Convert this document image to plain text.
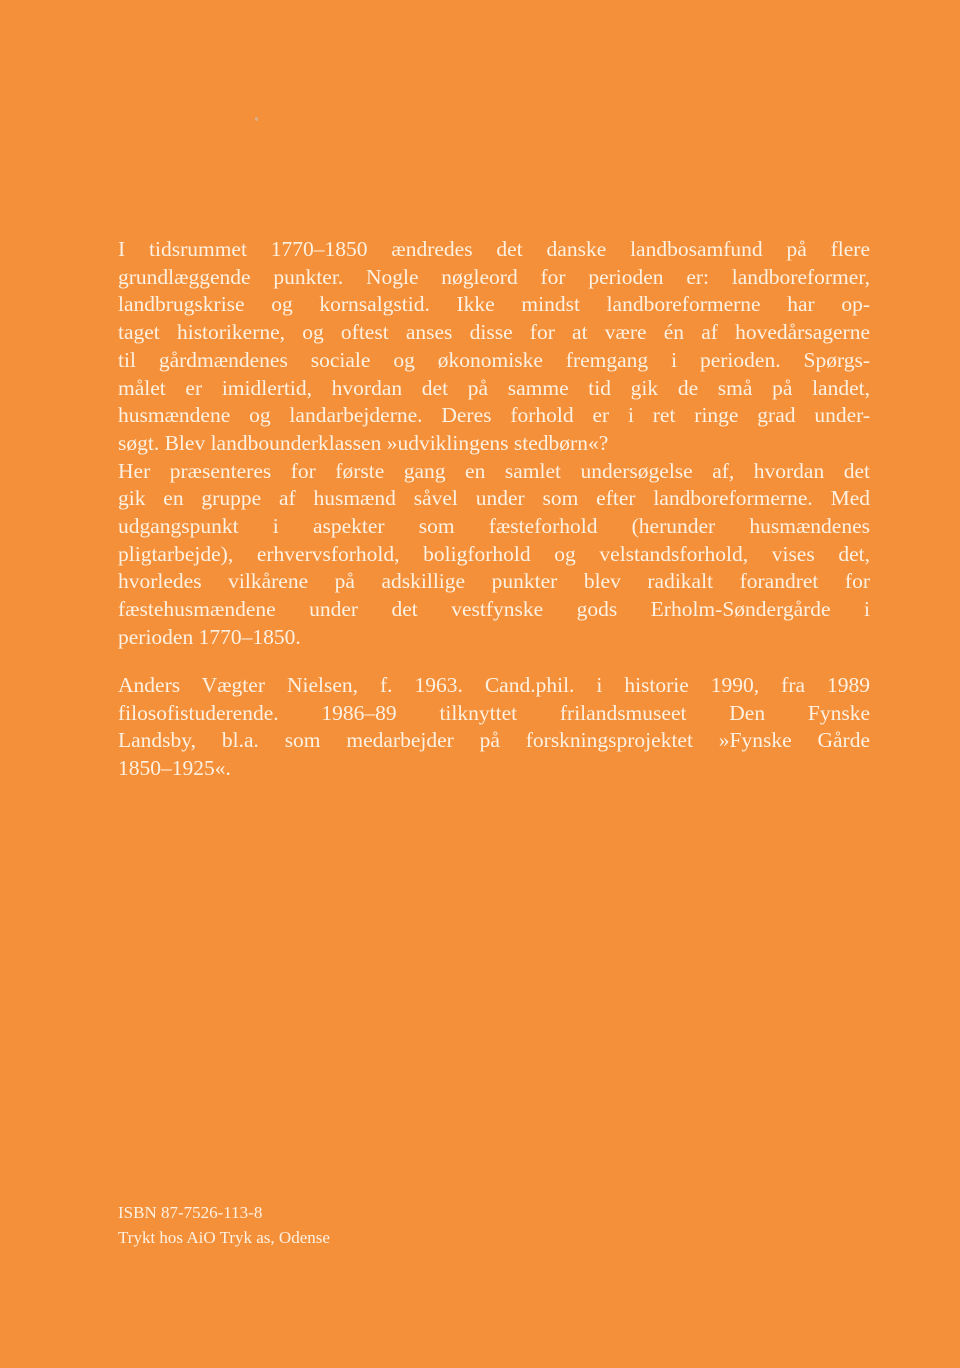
I tidsrummet 1770–1850 ændredes det danske landbosamfund på flere
grundlæggende punkter. Nogle nøgleord for perioden er: landboreformer,
landbrugskrise og kornsalgstid. Ikke mindst landboreformerne har op-
taget historikerne, og oftest anses disse for at være én af hovedårsagerne
til gårdmændenes sociale og økonomiske fremgang i perioden. Spørgs-
målet er imidlertid, hvordan det på samme tid gik de små på landet,
husmændene og landarbejderne. Deres forhold er i ret ringe grad under-
søgt. Blev landbounderklassen »udviklingens stedbørn«?
Her præsenteres for første gang en samlet undersøgelse af, hvordan det
gik en gruppe af husmænd såvel under som efter landboreformerne. Med
udgangspunkt i aspekter som fæsteforhold (herunder husmændenes
pligtarbejde), erhvervsforhold, boligforhold og velstandsforhold, vises det,
hvorledes vilkårene på adskillige punkter blev radikalt forandret for
fæstehusmændene under det vestfynske gods Erholm-Søndergårde i
perioden 1770–1850.
Anders Vægter Nielsen, f. 1963. Cand.phil. i historie 1990, fra 1989
filosofistuderende. 1986–89 tilknyttet frilandsmuseet Den Fynske
Landsby, bl.a. som medarbejder på forskningsprojektet »Fynske Gårde
1850–1925«.
ISBN 87-7526-113-8
Trykt hos AiO Tryk as, Odense
